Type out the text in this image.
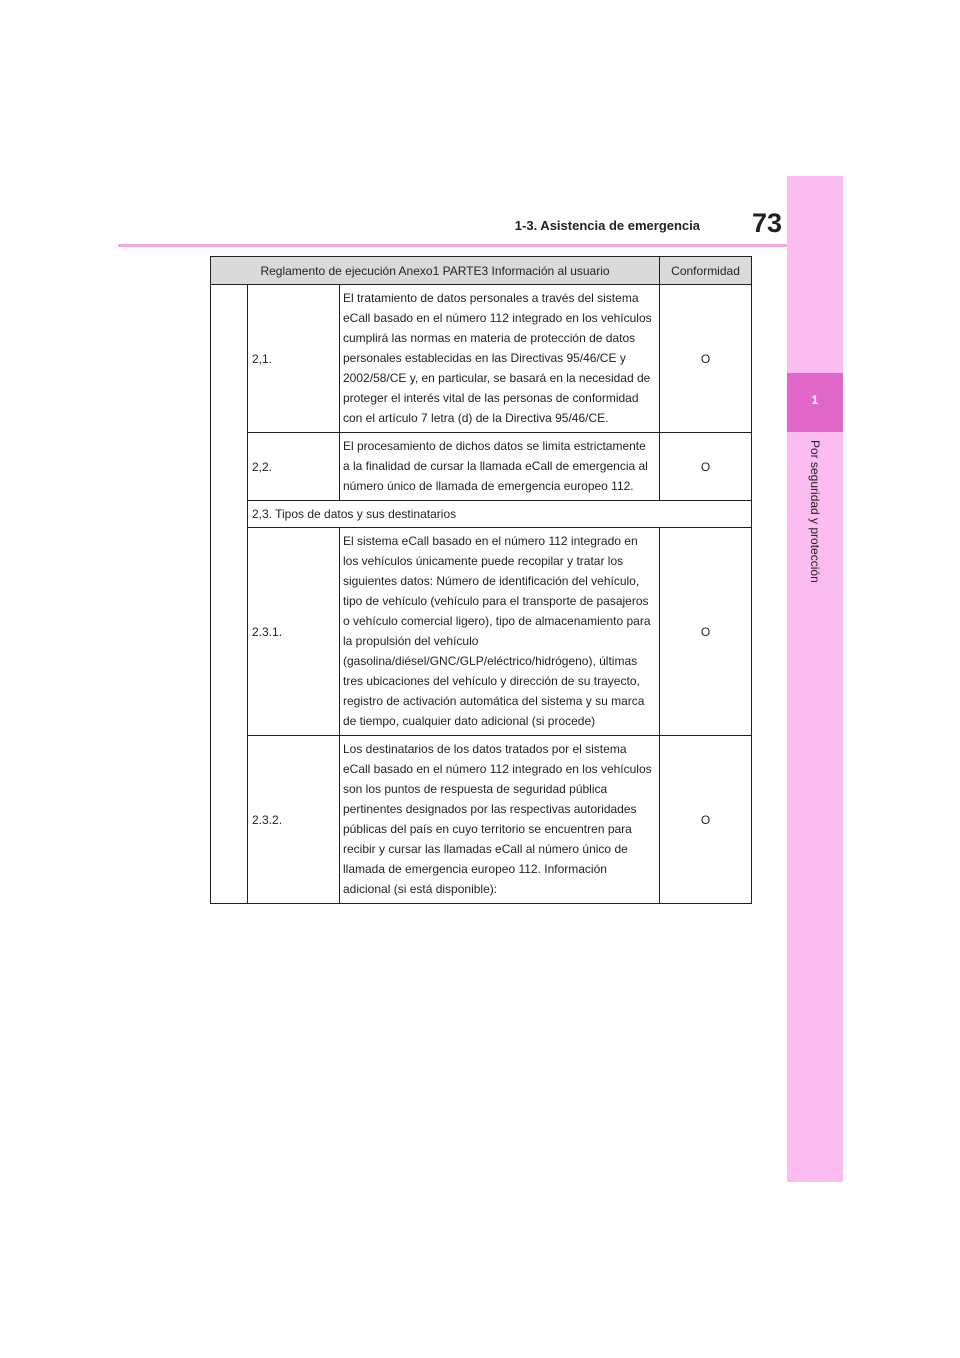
73
1-3. Asistencia de emergencia
1
Por seguridad y protección
Reglamento de ejecución Anexo1 PARTE3 Información al usuario			Conformidad
	2,1.	El tratamiento de datos personales a través del sistema eCall basado en el número 112 integrado en los vehículos cumplirá las normas en materia de protección de datos personales establecidas en las Directivas 95/46/CE y 2002/58/CE y, en particular, se basará en la necesidad de proteger el interés vital de las personas de conformidad con el artículo 7 letra (d) de la Directiva 95/46/CE.	O
	2,2.	El procesamiento de dichos datos se limita estrictamente a la finalidad de cursar la llamada eCall de emergencia al número único de llamada de emergencia europeo 112.	O
	2,3. Tipos de datos y sus destinatarios		
	2.3.1.	El sistema eCall basado en el número 112 integrado en los vehículos únicamente puede recopilar y tratar los siguientes datos: Número de identificación del vehículo, tipo de vehículo (vehículo para el transporte de pasajeros o vehículo comercial ligero), tipo de almacenamiento para la propulsión del vehículo (gasolina/diésel/GNC/GLP/eléctrico/hidrógeno), últimas tres ubicaciones del vehículo y dirección de su trayecto, registro de activación automática del sistema y su marca de tiempo, cualquier dato adicional (si procede)	O
	2.3.2.	Los destinatarios de los datos tratados por el sistema eCall basado en el número 112 integrado en los vehículos son los puntos de respuesta de seguridad pública pertinentes designados por las respectivas autoridades públicas del país en cuyo territorio se encuentren para recibir y cursar las llamadas eCall al número único de llamada de emergencia europeo 112. Información adicional (si está disponible):	O
